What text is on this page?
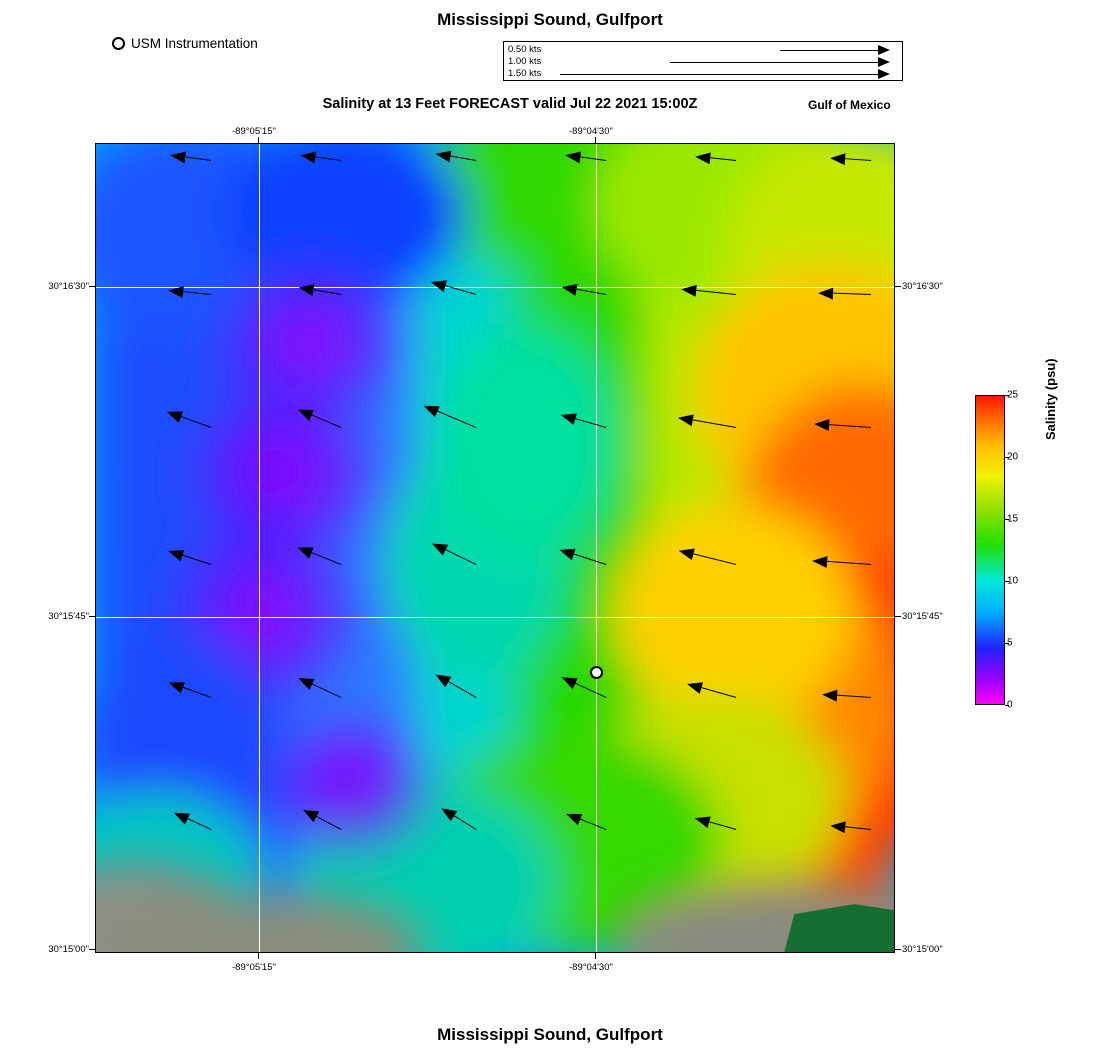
Mississippi Sound, Gulfport
Salinity at 13 Feet FORECAST valid Jul 22 2021 15:00Z	Gulf of Mexico
Mississippi Sound, Gulfport
USM Instrumentation	0.50 kts
1.00 kts
1.50 kts
-89°05'15"	-89°04'30"
-89°05'15"	-89°04'30"
30°16'30"
30°15'45"
30°15'00"
30°16'30"
30°15'45"
30°15'00"
0
5
10
15
20
25 Salinity (psu)
